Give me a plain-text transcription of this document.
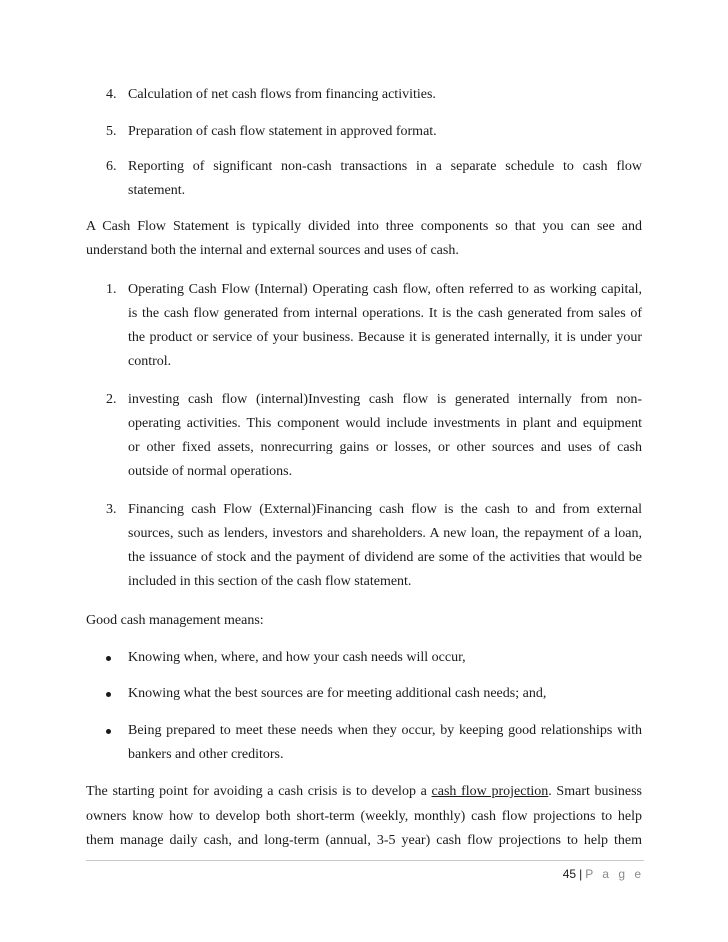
4. Calculation of net cash flows from financing activities.
5. Preparation of cash flow statement in approved format.
6. Reporting of significant non-cash transactions in a separate schedule to cash flow
statement.
A Cash Flow Statement is typically divided into three components so that you can see and
understand both the internal and external sources and uses of cash.
1. Operating Cash Flow (Internal) Operating cash flow, often referred to as working capital,
is the cash flow generated from internal operations. It is the cash generated from sales of
the product or service of your business. Because it is generated internally, it is under your
control.
2. investing cash flow (internal)Investing cash flow is generated internally from non-
operating activities. This component would include investments in plant and equipment
or other fixed assets, nonrecurring gains or losses, or other sources and uses of cash
outside of normal operations.
3. Financing cash Flow (External)Financing cash flow is the cash to and from external
sources, such as lenders, investors and shareholders. A new loan, the repayment of a loan,
the issuance of stock and the payment of dividend are some of the activities that would be
included in this section of the cash flow statement.
Good cash management means:
Knowing when, where, and how your cash needs will occur,
Knowing what the best sources are for meeting additional cash needs; and,
Being prepared to meet these needs when they occur, by keeping good relationships with
bankers and other creditors.
The starting point for avoiding a cash crisis is to develop a cash flow projection. Smart business
owners know how to develop both short-term (weekly, monthly) cash flow projections to help
them manage daily cash, and long-term (annual, 3-5 year) cash flow projections to help them
45 | P a g e
